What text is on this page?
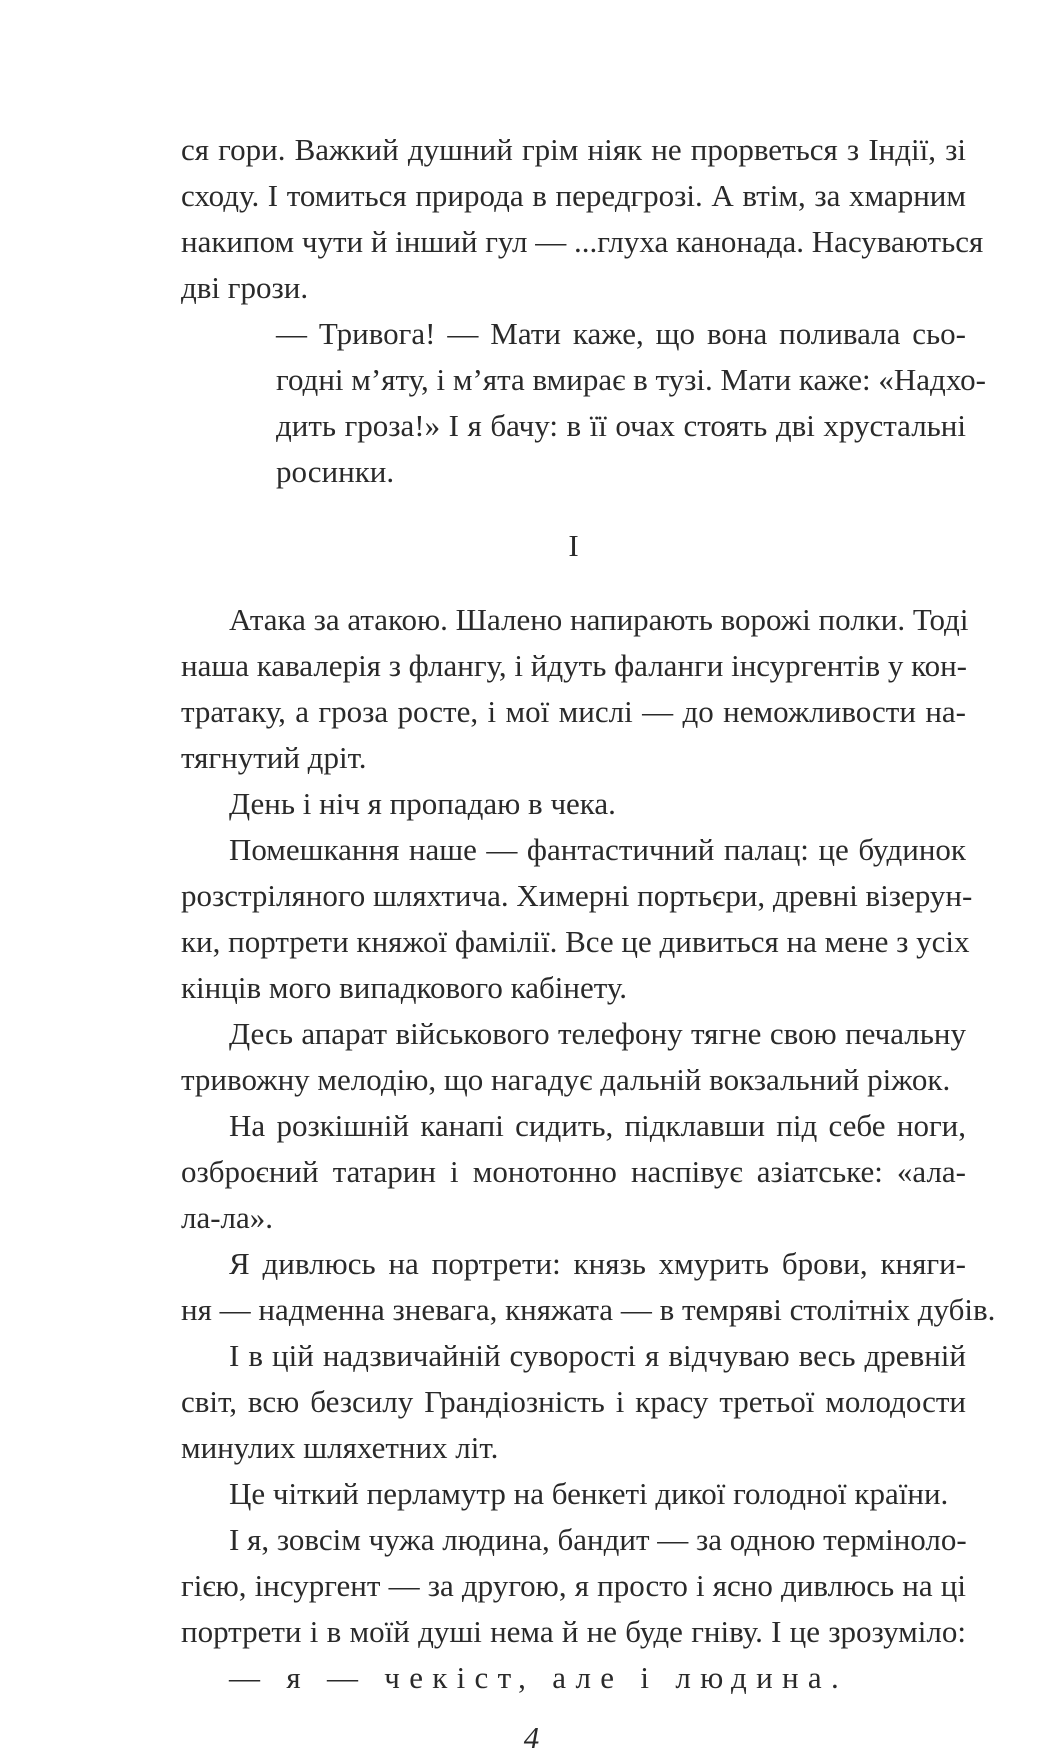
ся гори. Важкий душний грім ніяк не прорветься з Індії, зі
сходу. І томиться природа в передгрозі. А втім, за хмарним
накипом чути й інший гул — ...глуха канонада. Насуваються
дві грози.
— Тривога! — Мати каже, що вона поливала сьо-
годні м’яту, і м’ята вмирає в тузі. Мати каже: «Надхо-
дить гроза!» І я бачу: в її очах стоять дві хрустальні
росинки.
I
Атака за атакою. Шалено напирають ворожі полки. Тоді
наша кавалерія з флангу, і йдуть фаланги інсургентів у кон-
тратаку, а гроза росте, і мої мислі — до неможливости на-
тягнутий дріт.
День і ніч я пропадаю в чека.
Помешкання наше — фантастичний палац: це будинок
розстріляного шляхтича. Химерні портьєри, древні візерун-
ки, портрети княжої фамілії. Все це дивиться на мене з усіх
кінців мого випадкового кабінету.
Десь апарат військового телефону тягне свою печальну
тривожну мелодію, що нагадує дальній вокзальний ріжок.
На розкішній канапі сидить, підклавши під себе ноги,
озброєний татарин і монотонно наспівує азіатське: «ала-
ла-ла».
Я дивлюсь на портрети: князь хмурить брови, княги-
ня — надменна зневага, княжата — в темряві столітніх дубів.
І в цій надзвичайній суворості я відчуваю весь древній
світ, всю безсилу Грандіозність і красу третьої молодости
минулих шляхетних літ.
Це чіткий перламутр на бенкеті дикої голодної країни.
І я, зовсім чужа людина, бандит — за одною терміноло-
гією, інсургент — за другою, я просто і ясно дивлюсь на ці
портрети і в моїй душі нема й не буде гніву. І це зрозуміло:
— я — чекіст, але і людина.
4
